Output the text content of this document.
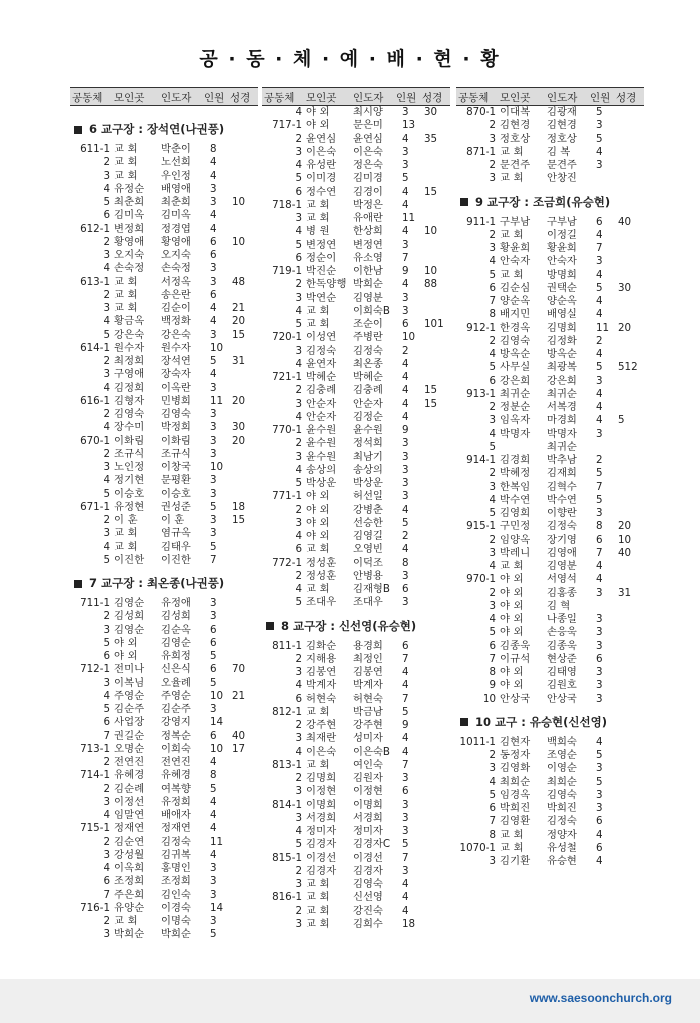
공 · 동 · 체 · 예 · 배 · 현 · 황
공동체 모인곳 인도자 인원 성경
6 교구장 : 장석연(나권풍)
611-1 교 회	박춘이	8
2 교 회	노선희	4
3 교 회	우인정	4
4 유정순	배영애	3
5 최춘희	최춘희	3	10
6 김미옥	김미옥	4
612-1 변정희	정경엽	4
2 황영애	황영애	6	10
3 오지숙	오지숙	6
4 손숙정	손숙정	3
613-1 교 회	서정옥	3	48
2 교 회	송은란	6
3 교 회	김순이	4	21
4 황금옥	백정화	4	20
5 강은숙	강은숙	3	15
614-1 원수자	원수자	10
2 최정희	장석연	5	31
3 구영애	장숙자	4
4 김정희	이옥란	3
616-1 김형자	민병희	11 20
2 김영숙	김영숙	3
4 장수미	박정희	3	30
670-1 이화림	이화림	3	20
2 조규식	조규식	3
3 노인정	이창국	10
4 정기현	문평환	3
5 이승호	이승호	3
671-1 유정현	권성준	5	18
2 이 훈	이 훈	3	15
3 교 회	염규옥	3
4 교 회	김태우	5
5 이진한	이진한	7
7 교구장 : 최온종(나권풍)
711-1 김영순	유정애	3
2 김성희	김성희	3
3 김영순	김순옥	6
5 야 외	김영순	6
6 야 외	유희정	5
712-1 전미나	신은식	6	70
3 이복님	오율례	5
4 주영순	주영순	10 21
5 김순주	김순주	3
6 사업장	강영지	14
7 권길순	정복순	6	40
713-1 오명순	이희숙	10 17
2 전연진	전연진	4
714-1 유혜경	유혜경	8
2 김순례	여복향	5
3 이정선	유정희	4
4 임말연	배애자	4
715-1 정재연	정재연	4
2 김순연	김정숙	11
3 강성월	김귀복	4
4 이옥희	홍명인	3
6 조정희	조정희	3
7 주은희	김인숙	3
716-1 유양순	이경숙	14
2 교 회	이명숙	3
3 박희순	박희순	5
공동체 모인곳 인도자 인원 성경
4 야 외	최시양	3	30
717-1 야 외	문은미	13
2 윤연심	윤연심	4	35
3 이은숙	이은숙	3
4 유성란	정은숙	3
5 이미경	김미경	5
6 정수연	김경이	4	15
718-1 교 회	박정은	4
3 교 회	유애란	11
4 병 원	한상희	4	10
5 변정연	변정연	3
6 정순이	유소영	7
719-1 박진순	이한남	9	10
2 한독양행 박희순	4	88
3 박연순	김영분	3
4 교 회	이희숙B	3
5 교 회	조순이	6	101
720-1 이성연	주병란	10
3 김정숙	김정숙	2
4 윤연자	최온종	4
721-1 박혜순	박혜순	4
2 김충례	김충례	4	15
3 안순자	안순자	4	15
4 안순자	김정순	4
770-1 윤수원	윤수원	9
2 윤수원	정석희	3
3 윤수원	최남기	3
4 송상의	송상의	3
5 박상운	박상운	3
771-1 야 외	허선일	3
2 야 외	강병춘	4
3 야 외	선승한	5
4 야 외	김영길	2
6 교 회	오영빈	4
772-1 정성훈	이덕조	8
2 정성훈	안병용	3
4 교 회	김재형B	6
5 조대우	조대우	3
8 교구장 : 신선영(유승현)
811-1 김화순	용경희	6
2 지해용	최정인	7
3 김봉연	김봉연	4
4 박계자	박계자	4
6 허현숙	허현숙	7
812-1 교 회	박금남	5
2 강주현	강주현	9
3 최재란	성미자	4
4 이은숙	이은숙B	4
813-1 교 회	여인숙	7
2 김명희	김원자	3
3 이정현	이정현	6
814-1 이명희	이명희	3
3 서경희	서경희	3
4 정미자	정미자	3
5 김경자	김경자C	5
815-1 이경선	이경선	7
2 김경자	김경자	3
3 교 회	김영숙	4
816-1 교 회	신선영	4
2 교 회	강진숙	4
3 교 회	김희수	18
공동체 모인곳 인도자 인원 성경
870-1 이대복	김광재	5
2 김현경	김현경	3
3 정호상	정호상	5
871-1 교 회	김 복	4
2 문견주	문견주	3
3 교 회	안창진
9 교구장 : 조금희(유승현)
911-1 구부남	구부남	6	40
2 교 회	이정길	4
3 황윤희	황윤희	7
4 안숙자	안숙자	3
5 교 회	방명희	4
6 김순심	권택순	5	30
7 양순옥	양순옥	4
8 배지민	배영실	4
912-1 한경옥	김명희	11 20
2 김영숙	김정화	2
4 방옥순	방옥순	4
5 사무실	최광복	5	512
6 강은희	강은희	3
913-1 최귀순	최귀순	4
2 정분순	서복경	4
3 임옥자	마경희	4	5
4 박명자	박명자	3
5	최귀순
914-1 김경희	박추남	2
2 박혜정	김재희	5
3 한복임	김혁수	7
4 박수연	박수연	5
5 김영희	이향란	3
915-1 구민정	김정숙	8	20
2 임양옥	장기영	6	10
3 박레니	김영애	7	40
4 교 회	김영분	4
970-1 야 외	서영석	4
2 야 외	김홍종	3	31
3 야 외	김 혁
4 야 외	나종일	3
5 야 외	손응욱	3
6 김종욱	김종욱	3
7 이규석	현상준	6
8 야 외	김태영	3
9 야 외	김원호	3
10 안상국	안상국	3
10 교구 : 유승현(신선영)
1011-1 김현자	백희숙	4
2 동정자	조영순	5
3 김영화	이영순	3
4 최희순	최희순	5
5 임경옥	김영숙	3
6 박희진	박희진	3
7 김영환	김정숙	6
8 교 회	정양자	4
1070-1 교 회	유성철	6
3 김기환	유승현	4
www.saesoonchurch.org
